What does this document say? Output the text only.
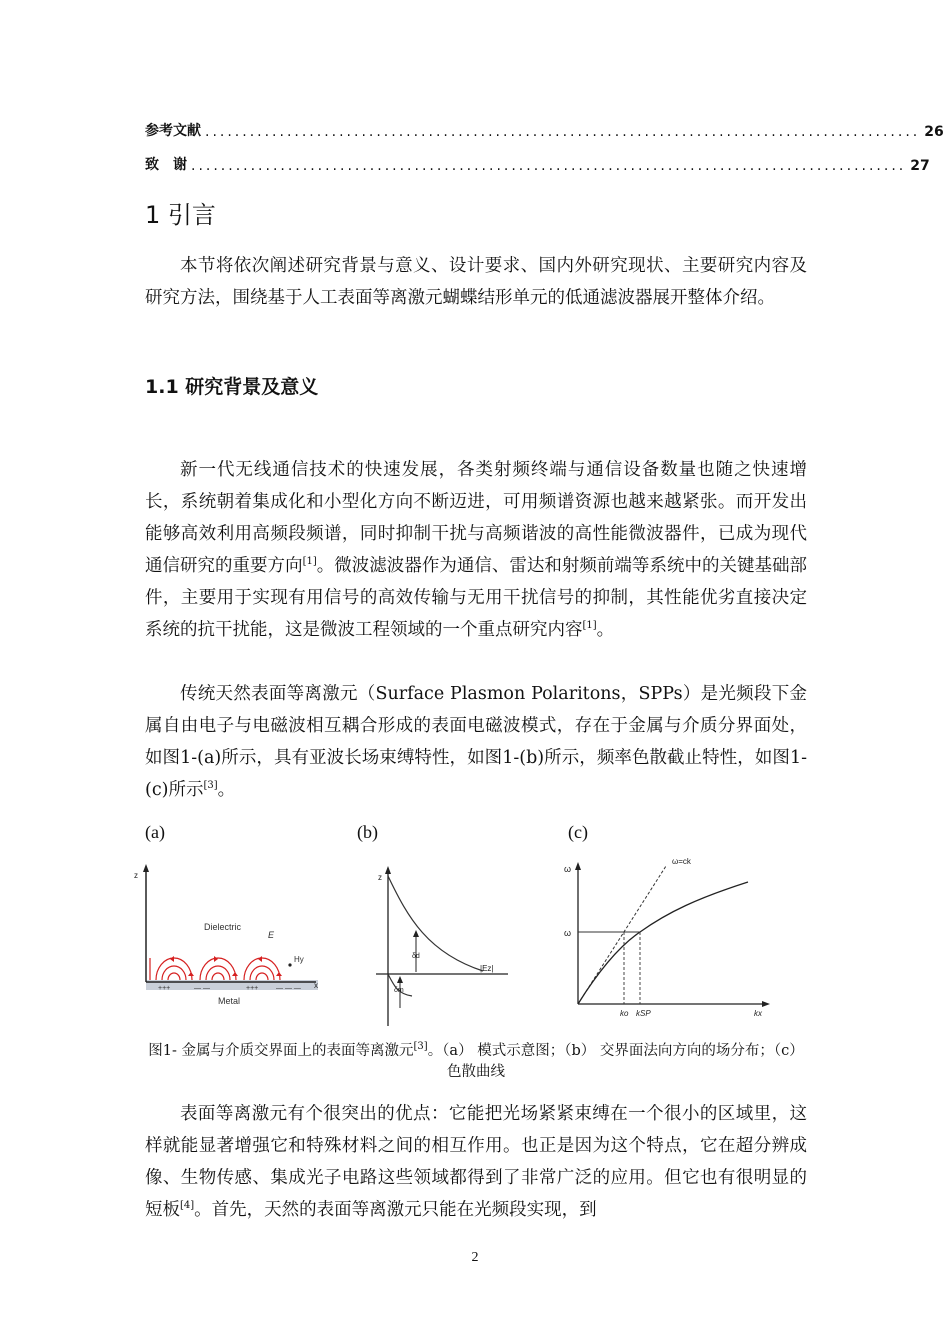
参考文献 ................................................................................................ 26
致　谢 ................................................................................................ 27
1 引言

本节将依次阐述研究背景与意义、设计要求、国内外研究现状、主要研究内容及研究方法，围绕基于人工表面等离激元蝴蝶结形单元的低通滤波器展开整体介绍。

1.1 研究背景及意义

新一代无线通信技术的快速发展，各类射频终端与通信设备数量也随之快速增长，系统朝着集成化和小型化方向不断迈进，可用频谱资源也越来越紧张。而开发出能够高效利用高频段频谱，同时抑制干扰与高频谐波的高性能微波器件，已成为现代通信研究的重要方向[1]。微波滤波器作为通信、雷达和射频前端等系统中的关键基础部件，主要用于实现有用信号的高效传输与无用干扰信号的抑制，其性能优劣直接决定系统的抗干扰能，这是微波工程领域的一个重点研究内容[1]。

传统天然表面等离激元（Surface Plasmon Polaritons，SPPs）是光频段下金属自由电子与电磁波相互耦合形成的表面电磁波模式，存在于金属与介质分界面处，如图1-(a)所示，具有亚波长场束缚特性，如图1-(b)所示，频率色散截止特性，如图1-(c)所示[3]。

(a)	(b)	(c)
z
x
Dielectric
E
Hy
+++	— —	+++	— — —
Metal
z
δd
δm
|Ez|
ω
ω=ck
ω
ko kSP	kx
图1- 金属与介质交界面上的表面等离激元[3]。（a） 模式示意图；（b） 交界面法向方向的场分布；（c） 色散曲线

表面等离激元有个很突出的优点：它能把光场紧紧束缚在一个很小的区域里，这样就能显著增强它和特殊材料之间的相互作用。也正是因为这个特点，它在超分辨成像、生物传感、集成光子电路这些领域都得到了非常广泛的应用。但它也有很明显的短板[4]。首先，天然的表面等离激元只能在光频段实现，到

2
